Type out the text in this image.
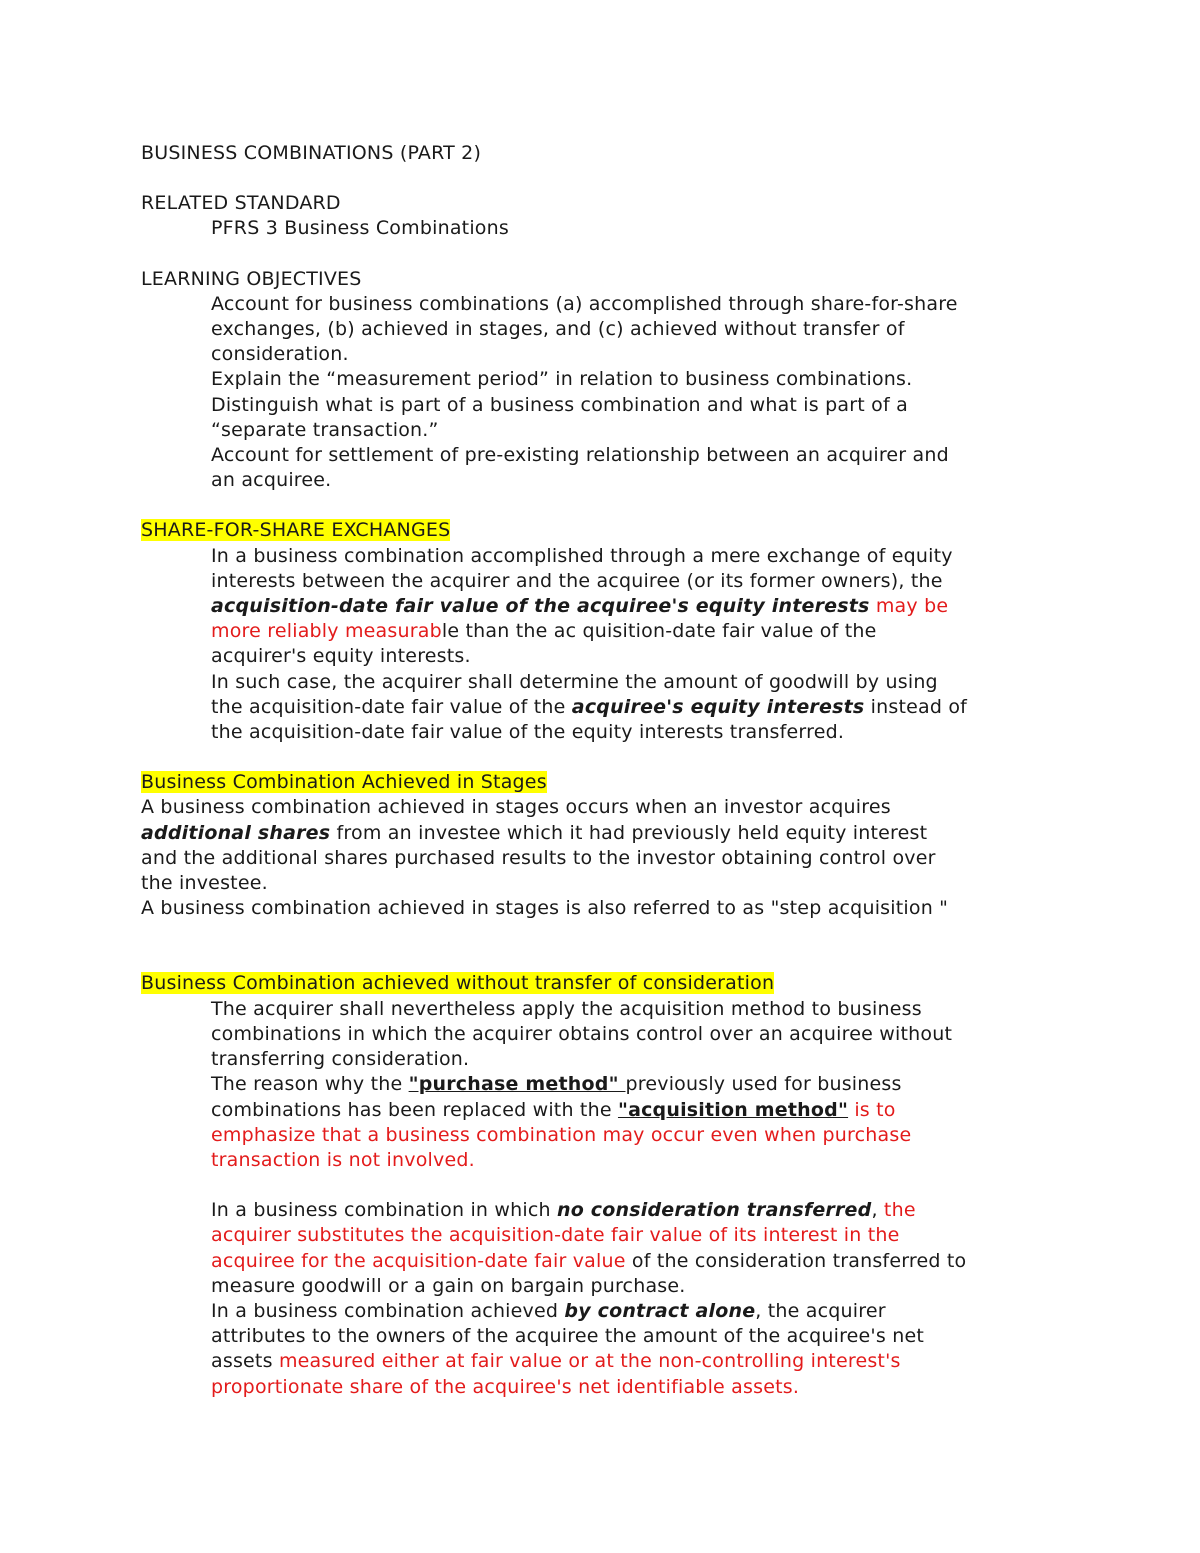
BUSINESS COMBINATIONS (PART 2)
RELATED STANDARD
PFRS 3 Business Combinations
LEARNING OBJECTIVES
Account for business combinations (a) accomplished through share-for-share
exchanges, (b) achieved in stages, and (c) achieved without transfer of
consideration.
Explain the “measurement period” in relation to business combinations.
Distinguish what is part of a business combination and what is part of a
“separate transaction.”
Account for settlement of pre-existing relationship between an acquirer and
an acquiree.
SHARE-FOR-SHARE EXCHANGES
In a business combination accomplished through a mere exchange of equity
interests between the acquirer and the acquiree (or its former owners), the
acquisition-date fair value of the acquiree's equity interests may be
more reliably measurable than the ac quisition-date fair value of the
acquirer's equity interests.
In such case, the acquirer shall determine the amount of goodwill by using
the acquisition-date fair value of the acquiree's equity interests instead of
the acquisition-date fair value of the equity interests transferred.
Business Combination Achieved in Stages
A business combination achieved in stages occurs when an investor acquires
additional shares from an investee which it had previously held equity interest
and the additional shares purchased results to the investor obtaining control over
the investee.
A business combination achieved in stages is also referred to as "step acquisition "
Business Combination achieved without transfer of consideration
The acquirer shall nevertheless apply the acquisition method to business
combinations in which the acquirer obtains control over an acquiree without
transferring consideration.
The reason why the "purchase method" previously used for business
combinations has been replaced with the "acquisition method" is to
emphasize that a business combination may occur even when purchase
transaction is not involved.
In a business combination in which no consideration transferred, the
acquirer substitutes the acquisition-date fair value of its interest in the
acquiree for the acquisition-date fair value of the consideration transferred to
measure goodwill or a gain on bargain purchase.
In a business combination achieved by contract alone, the acquirer
attributes to the owners of the acquiree the amount of the acquiree's net
assets measured either at fair value or at the non-controlling interest's
proportionate share of the acquiree's net identifiable assets.
